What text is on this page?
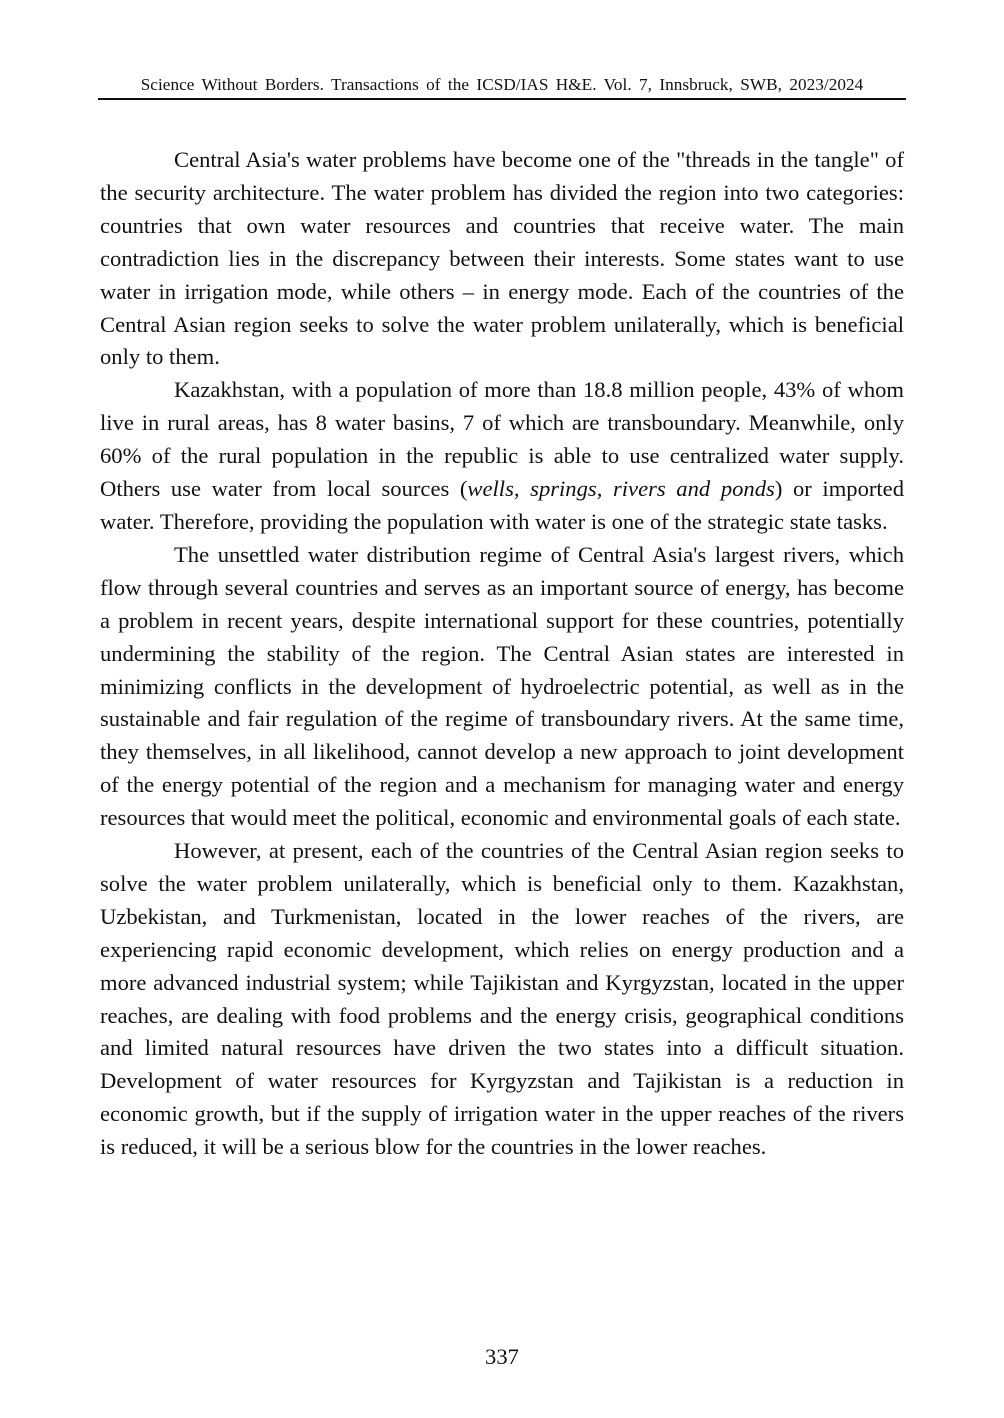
Science Without Borders. Transactions of the ICSD/IAS H&E. Vol. 7, Innsbruck, SWB, 2023/2024

Central Asia's water problems have become one of the "threads in the tangle" of the security architecture. The water problem has divided the region into two categories: countries that own water resources and countries that receive water. The main contradiction lies in the discrepancy between their interests. Some states want to use water in irrigation mode, while others – in energy mode. Each of the countries of the Central Asian region seeks to solve the water problem unilaterally, which is beneficial only to them.

Kazakhstan, with a population of more than 18.8 million people, 43% of whom live in rural areas, has 8 water basins, 7 of which are transboundary. Meanwhile, only 60% of the rural population in the republic is able to use centralized water supply. Others use water from local sources (wells, springs, rivers and ponds) or imported water. Therefore, providing the population with water is one of the strategic state tasks.

The unsettled water distribution regime of Central Asia's largest rivers, which flow through several countries and serves as an important source of energy, has become a problem in recent years, despite international support for these countries, potentially undermining the stability of the region. The Central Asian states are interested in minimizing conflicts in the development of hydroelectric potential, as well as in the sustainable and fair regulation of the regime of transboundary rivers. At the same time, they themselves, in all likelihood, cannot develop a new approach to joint development of the energy potential of the region and a mechanism for managing water and energy resources that would meet the political, economic and environmental goals of each state.

However, at present, each of the countries of the Central Asian region seeks to solve the water problem unilaterally, which is beneficial only to them. Kazakhstan, Uzbekistan, and Turkmenistan, located in the lower reaches of the rivers, are experiencing rapid economic development, which relies on energy production and a more advanced industrial system; while Tajikistan and Kyrgyzstan, located in the upper reaches, are dealing with food problems and the energy crisis, geographical conditions and limited natural resources have driven the two states into a difficult situation. Development of water resources for Kyrgyzstan and Tajikistan is a reduction in economic growth, but if the supply of irrigation water in the upper reaches of the rivers is reduced, it will be a serious blow for the countries in the lower reaches.

337
